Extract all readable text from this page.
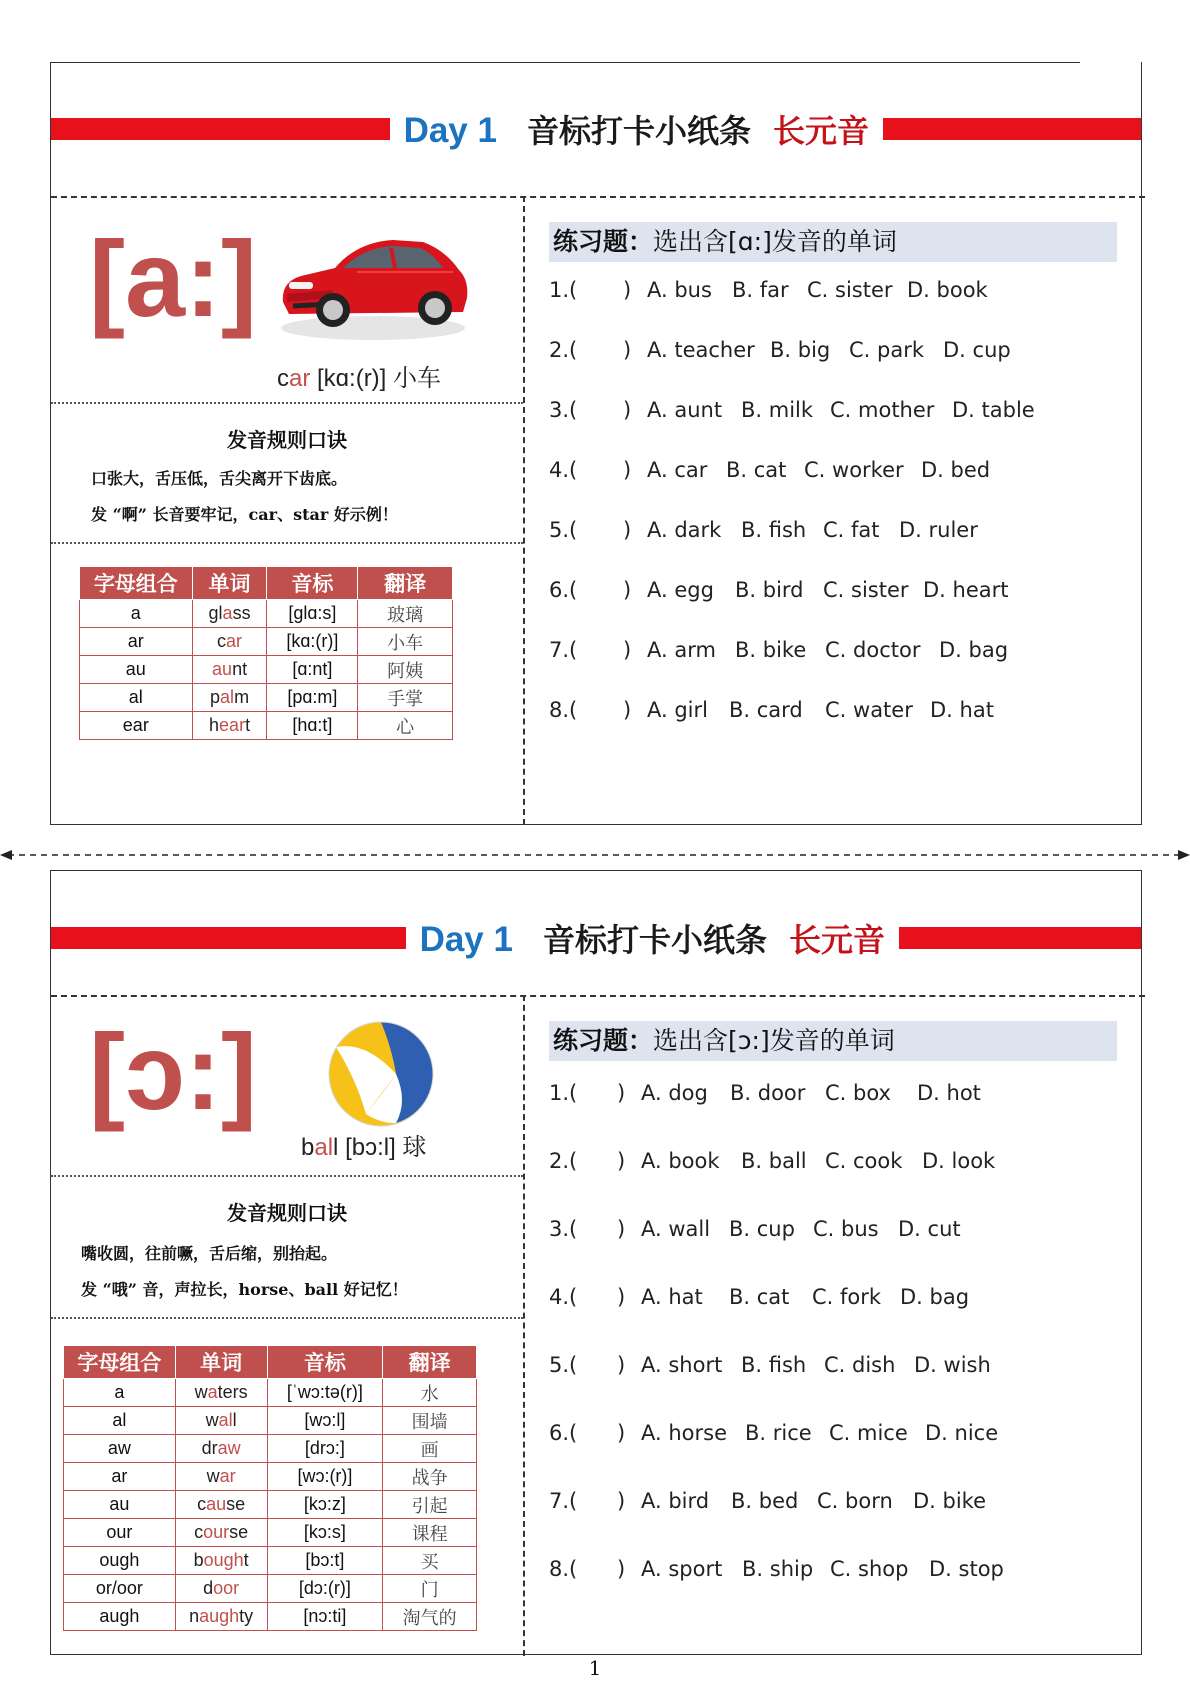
Day 1 音标打卡小纸条 长元音
[a:]
car [kɑ:(r)] 小车
发音规则口诀
口张大，舌压低，舌尖离开下齿底。
发 “啊” 长音要牢记，car、star 好示例！
字母组合	单词	音标	翻译
a	glass	[glɑ:s]	玻璃
ar	car	[kɑ:(r)]	小车
au	aunt	[ɑ:nt]	阿姨
al	palm	[pɑ:m]	手掌
ear	heart	[hɑ:t]	心
练习题：选出含[ɑ:]发音的单词
1.( ) A. bus B. far C. sister D. book
2.( ) A. teacher B. big C. park D. cup
3.( ) A. aunt B. milk C. mother D. table
4.( ) A. car B. cat C. worker D. bed
5.( ) A. dark B. fish C. fat D. ruler
6.( ) A. egg B. bird C. sister D. heart
7.( ) A. arm B. bike C. doctor D. bag
8.( ) A. girl B. card C. water D. hat
Day 1 音标打卡小纸条 长元音
[ɔ:]
ball [bɔ:l] 球
发音规则口诀
嘴收圆，往前噘，舌后缩，别抬起。
发 “哦” 音，声拉长，horse、ball 好记忆！
字母组合	单词	音标	翻译
a	waters	[ˈwɔ:tə(r)]	水
al	wall	[wɔ:l]	围墙
aw	draw	[drɔ:]	画
ar	war	[wɔ:(r)]	战争
au	cause	[kɔ:z]	引起
our	course	[kɔ:s]	课程
ough	bought	[bɔ:t]	买
or/oor	door	[dɔ:(r)]	门
augh	naughty	[nɔ:ti]	淘气的
练习题：选出含[ɔ:]发音的单词
1.( ) A. dog B. door C. box D. hot
2.( ) A. book B. ball C. cook D. look
3.( ) A. wall B. cup C. bus D. cut
4.( ) A. hat B. cat C. fork D. bag
5.( ) A. short B. fish C. dish D. wish
6.( ) A. horse B. rice C. mice D. nice
7.( ) A. bird B. bed C. born D. bike
8.( ) A. sport B. ship C. shop D. stop
1
